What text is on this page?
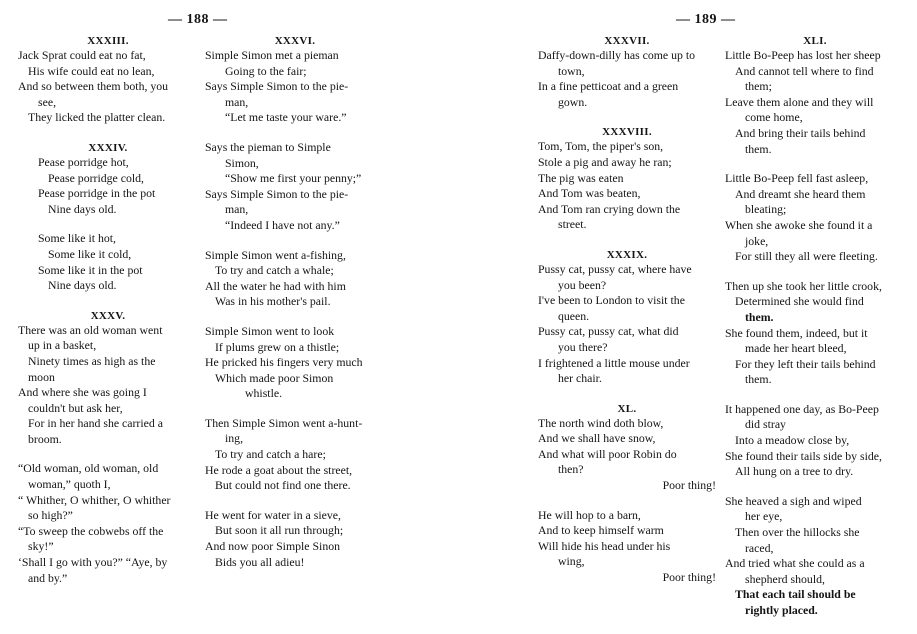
— 188 —
XXXIII.
Jack Sprat could eat no fat,
His wife could eat no lean,
And so between them both, you
see,
They licked the platter clean.
XXXIV.
Pease porridge hot,
Pease porridge cold,
Pease porridge in the pot
Nine days old.
Some like it hot,
Some like it cold,
Some like it in the pot
Nine days old.
XXXV.
There was an old woman went
up in a basket,
Ninety times as high as the
moon
And where she was going I
couldn't but ask her,
For in her hand she carried a
broom.
“Old woman, old woman, old
woman,” quoth I,
“ Whither, O whither, O whither
so high?”
“To sweep the cobwebs off the
sky!”
‘Shall I go with you?” “Aye, by
and by.”
XXXVI.
Simple Simon met a pieman
Going to the fair;
Says Simple Simon to the pie-
man,
“Let me taste your ware.”
Says the pieman to Simple
Simon,
“Show me first your penny;”
Says Simple Simon to the pie-
man,
“Indeed I have not any.”
Simple Simon went a-fishing,
To try and catch a whale;
All the water he had with him
Was in his mother's pail.
Simple Simon went to look
If plums grew on a thistle;
He pricked his fingers very much
Which made poor Simon
whistle.
Then Simple Simon went a-hunt-
ing,
To try and catch a hare;
He rode a goat about the street,
But could not find one there.
He went for water in a sieve,
But soon it all run through;
And now poor Simple Sinon
Bids you all adieu!
— 189 —
XXXVII.
Daffy-down-dilly has come up to
town,
In a fine petticoat and a green
gown.
XXXVIII.
Tom, Tom, the piper's son,
Stole a pig and away he ran;
The pig was eaten
And Tom was beaten,
And Tom ran crying down the
street.
XXXIX.
Pussy cat, pussy cat, where have
you been?
I've been to London to visit the
queen.
Pussy cat, pussy cat, what did
you there?
I frightened a little mouse under
her chair.
XL.
The north wind doth blow,
And we shall have snow,
And what will poor Robin do
then?
Poor thing!
He will hop to a barn,
And to keep himself warm
Will hide his head under his
wing,
Poor thing!
XLI.
Little Bo-Peep has lost her sheep
And cannot tell where to find
them;
Leave them alone and they will
come home,
And bring their tails behind
them.
Little Bo-Peep fell fast asleep,
And dreamt she heard them
bleating;
When she awoke she found it a
joke,
For still they all were fleeting.
Then up she took her little crook,
Determined she would find
them.
She found them, indeed, but it
made her heart bleed,
For they left their tails behind
them.
It happened one day, as Bo-Peep
did stray
Into a meadow close by,
She found their tails side by side,
All hung on a tree to dry.
She heaved a sigh and wiped
her eye,
Then over the hillocks she
raced,
And tried what she could as a
shepherd should,
That each tail should be
rightly placed.
